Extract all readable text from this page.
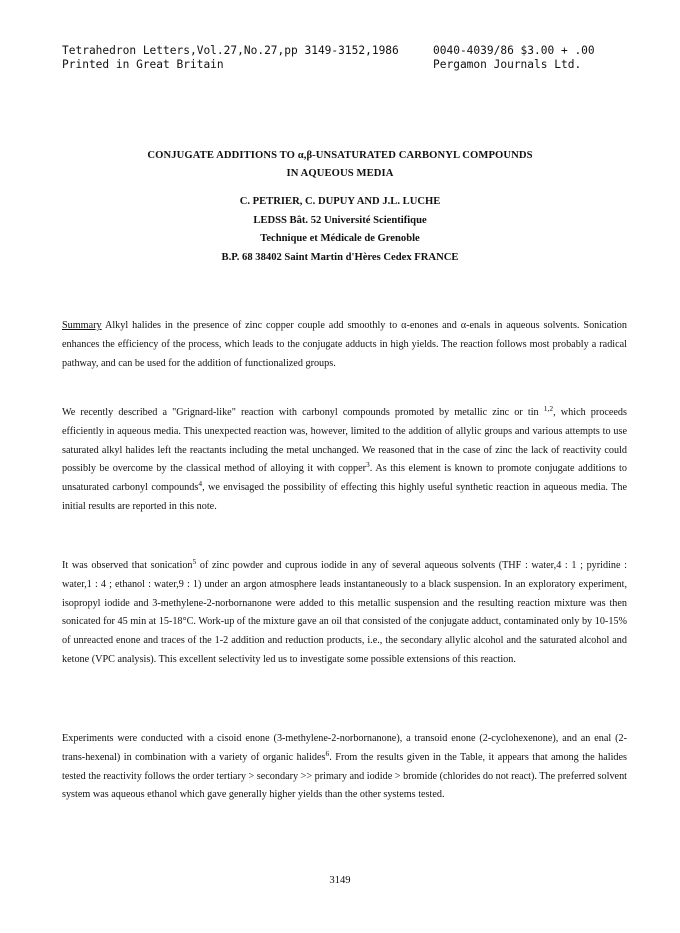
Tetrahedron Letters,Vol.27,No.27,pp 3149-3152,1986
Printed in Great Britain
0040-4039/86 $3.00 + .00
Pergamon Journals Ltd.
CONJUGATE ADDITIONS TO α,β-UNSATURATED CARBONYL COMPOUNDS
IN AQUEOUS MEDIA
C. PETRIER, C. DUPUY AND J.L. LUCHE
LEDSS Bât. 52 Université Scientifique
Technique et Médicale de Grenoble
B.P. 68 38402 Saint Martin d'Hères Cedex FRANCE
Summary Alkyl halides in the presence of zinc copper couple add smoothly to α-enones and α-enals in aqueous solvents. Sonication enhances the efficiency of the process, which leads to the conjugate adducts in high yields. The reaction follows most probably a radical pathway, and can be used for the addition of functionalized groups.
We recently described a "Grignard-like" reaction with carbonyl compounds promoted by metallic zinc or tin $^{1,2}$, which proceeds efficiently in aqueous media. This unexpected reaction was, however, limited to the addition of allylic groups and various attempts to use saturated alkyl halides left the reactants including the metal unchanged. We reasoned that in the case of zinc the lack of reactivity could possibly be overcome by the classical method of alloying it with copper$^3$. As this element is known to promote conjugate additions to unsaturated carbonyl compounds$^4$, we envisaged the possibility of effecting this highly useful synthetic reaction in aqueous media. The initial results are reported in this note.
It was observed that sonication$^5$ of zinc powder and cuprous iodide in any of several aqueous solvents (THF : water,4 : 1 ; pyridine : water,1 : 4 ; ethanol : water,9 : 1) under an argon atmosphere leads instantaneously to a black suspension. In an exploratory experiment, isopropyl iodide and 3-methylene-2-norbornanone were added to this metallic suspension and the resulting reaction mixture was then sonicated for 45 min at 15-18°C. Work-up of the mixture gave an oil that consisted of the conjugate adduct, contaminated only by 10-15% of unreacted enone and traces of the 1-2 addition and reduction products, i.e., the secondary allylic alcohol and the saturated alcohol and ketone (VPC analysis). This excellent selectivity led us to investigate some possible extensions of this reaction.
Experiments were conducted with a cisoid enone (3-methylene-2-norbornanone), a transoid enone (2-cyclohexenone), and an enal (2-trans-hexenal) in combination with a variety of organic halides$^6$. From the results given in the Table, it appears that among the halides tested the reactivity follows the order tertiary > secondary >> primary and iodide > bromide (chlorides do not react). The preferred solvent system was aqueous ethanol which gave generally higher yields than the other systems tested.
3149
